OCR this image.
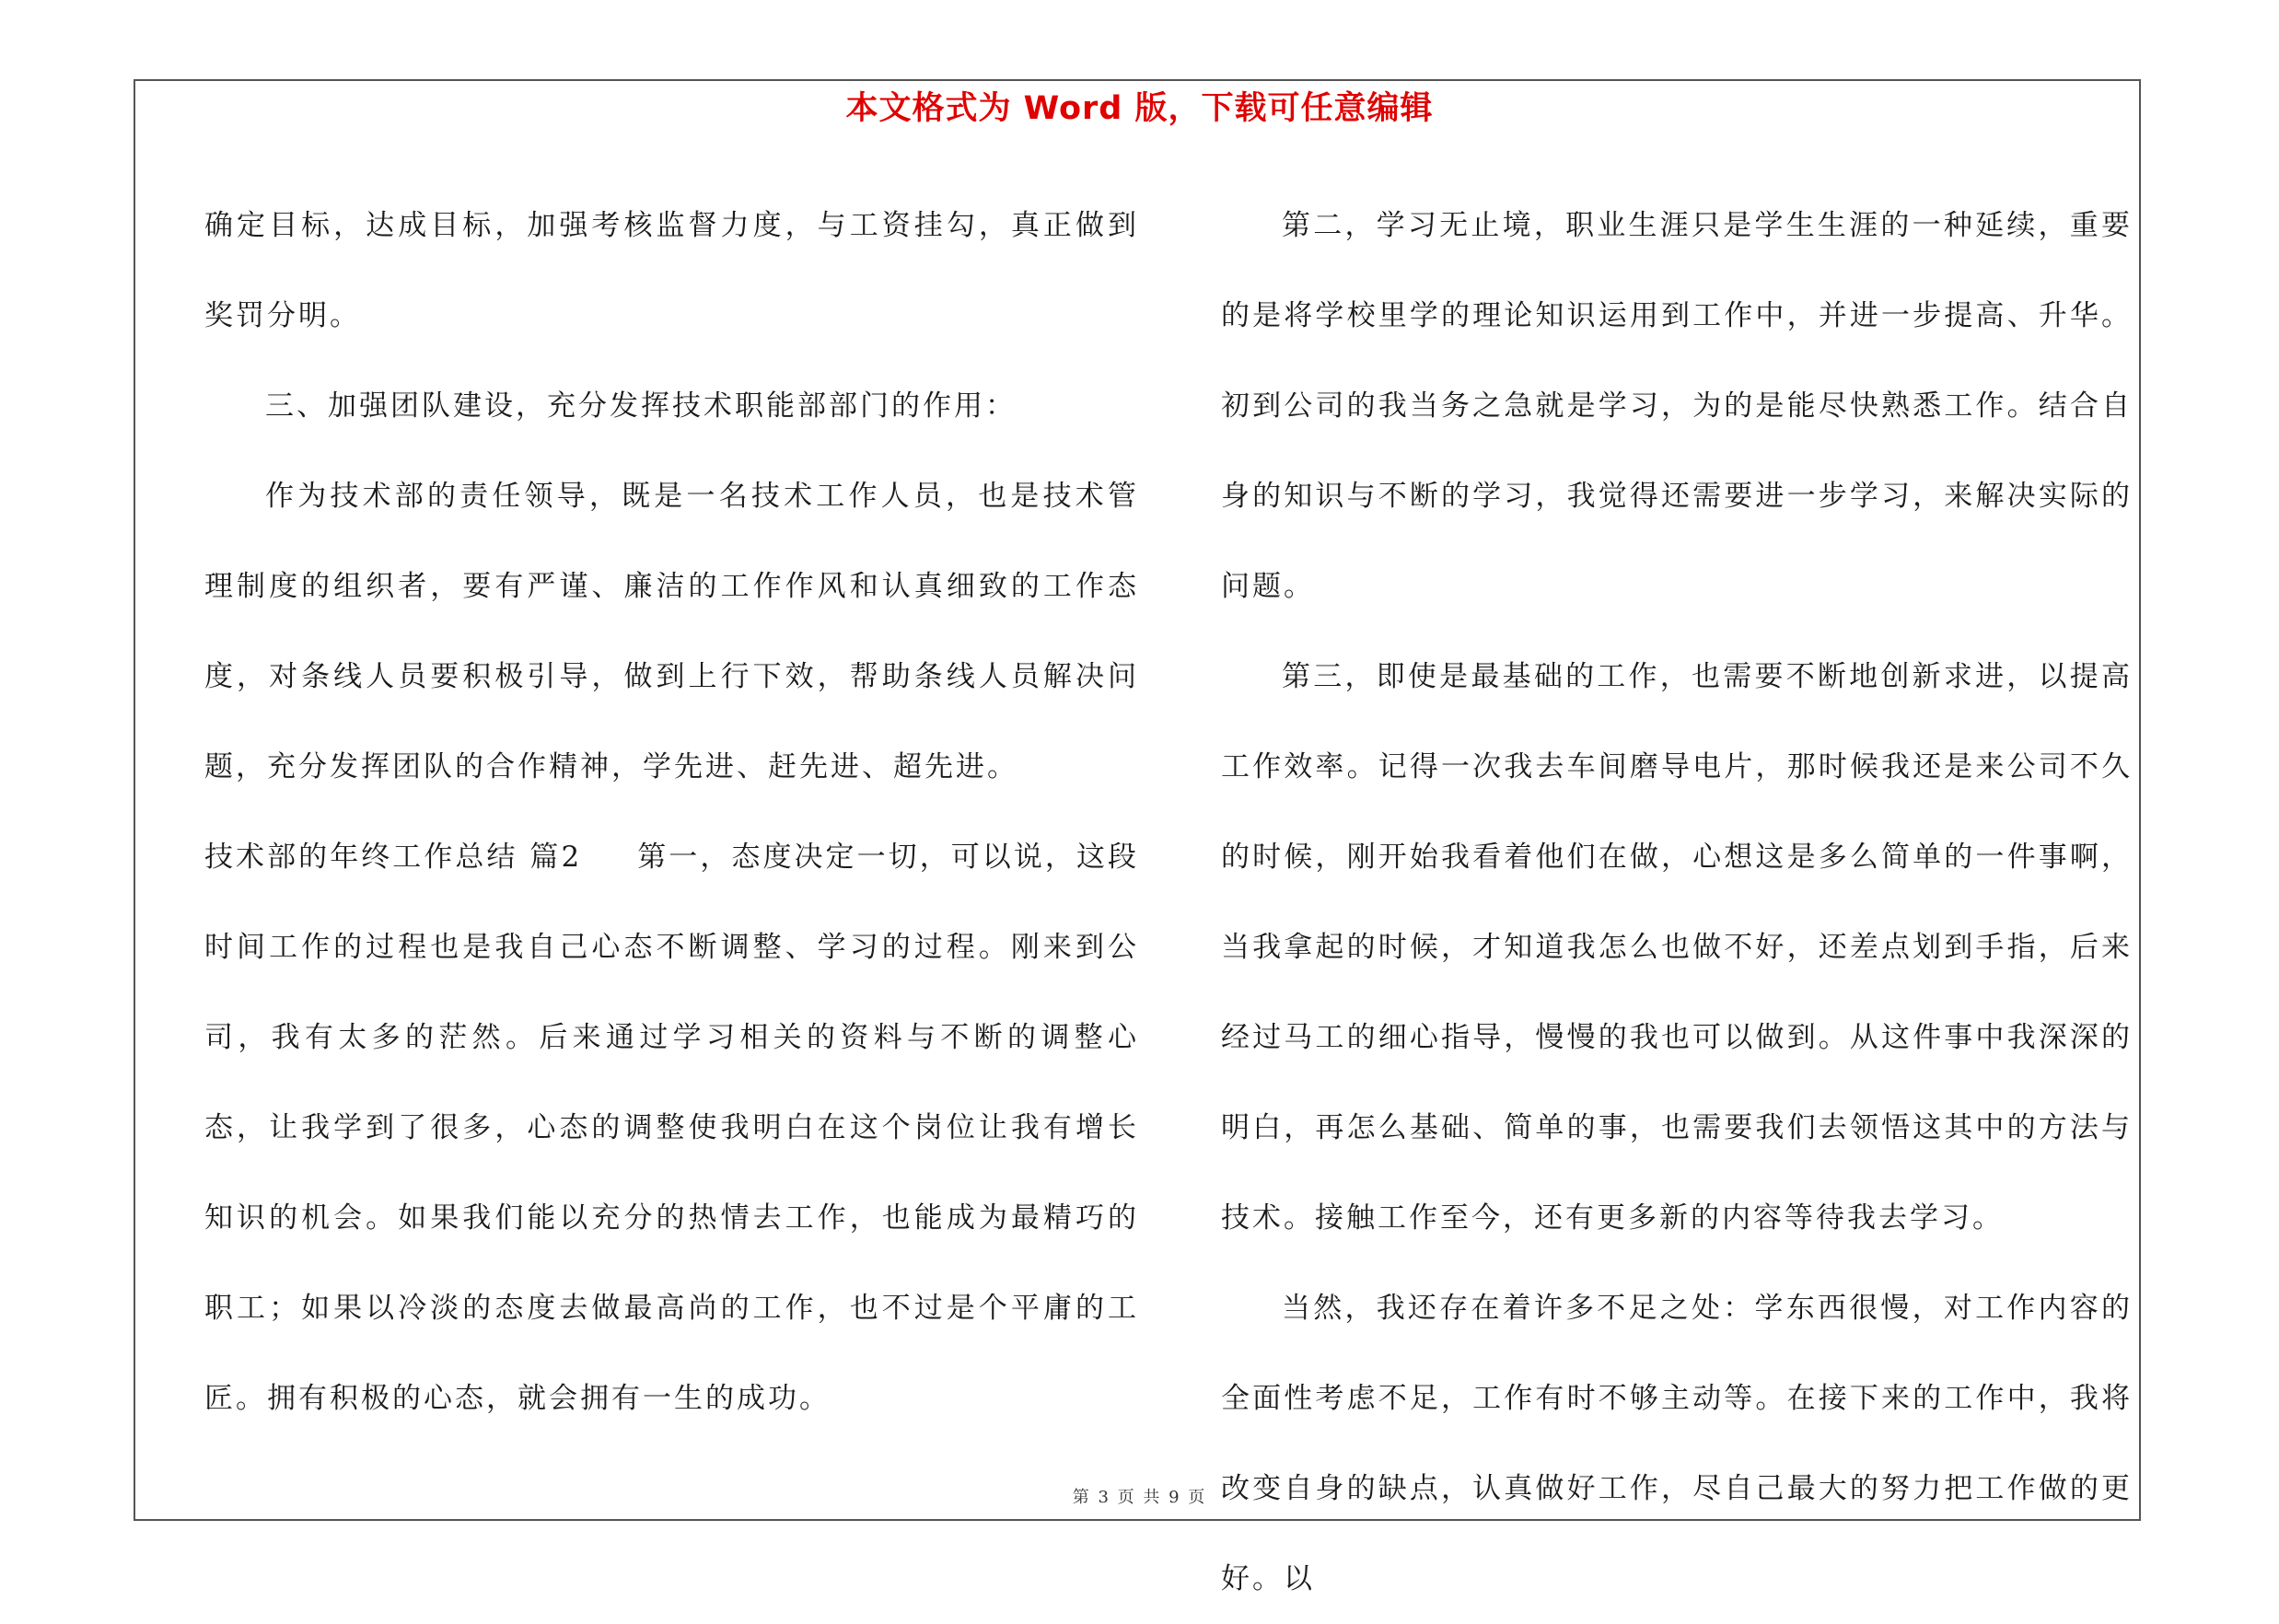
本文格式为 Word 版，下载可任意编辑

确定目标，达成目标，加强考核监督力度，与工资挂勾，真正做到奖罚分明。

三、加强团队建设，充分发挥技术职能部部门的作用：

作为技术部的责任领导，既是一名技术工作人员，也是技术管理制度的组织者，要有严谨、廉洁的工作作风和认真细致的工作态度，对条线人员要积极引导，做到上行下效，帮助条线人员解决问题，充分发挥团队的合作精神，学先进、赶先进、超先进。

技术部的年终工作总结 篇2 第一，态度决定一切，可以说，这段时间工作的过程也是我自己心态不断调整、学习的过程。刚来到公司，我有太多的茫然。后来通过学习相关的资料与不断的调整心态，让我学到了很多，心态的调整使我明白在这个岗位让我有增长知识的机会。如果我们能以充分的热情去工作，也能成为最精巧的职工；如果以冷淡的态度去做最高尚的工作，也不过是个平庸的工匠。拥有积极的心态，就会拥有一生的成功。

第二，学习无止境，职业生涯只是学生生涯的一种延续，重要的是将学校里学的理论知识运用到工作中，并进一步提高、升华。初到公司的我当务之急就是学习，为的是能尽快熟悉工作。结合自身的知识与不断的学习，我觉得还需要进一步学习，来解决实际的问题。

第三，即使是最基础的工作，也需要不断地创新求进，以提高工作效率。记得一次我去车间磨导电片，那时候我还是来公司不久的时候，刚开始我看着他们在做，心想这是多么简单的一件事啊，当我拿起的时候，才知道我怎么也做不好，还差点划到手指，后来经过马工的细心指导，慢慢的我也可以做到。从这件事中我深深的明白，再怎么基础、简单的事，也需要我们去领悟这其中的方法与技术。接触工作至今，还有更多新的内容等待我去学习。

当然，我还存在着许多不足之处：学东西很慢，对工作内容的全面性考虑不足，工作有时不够主动等。在接下来的工作中，我将改变自身的缺点，认真做好工作，尽自己最大的努力把工作做的更好。以

第 3 页 共 9 页
